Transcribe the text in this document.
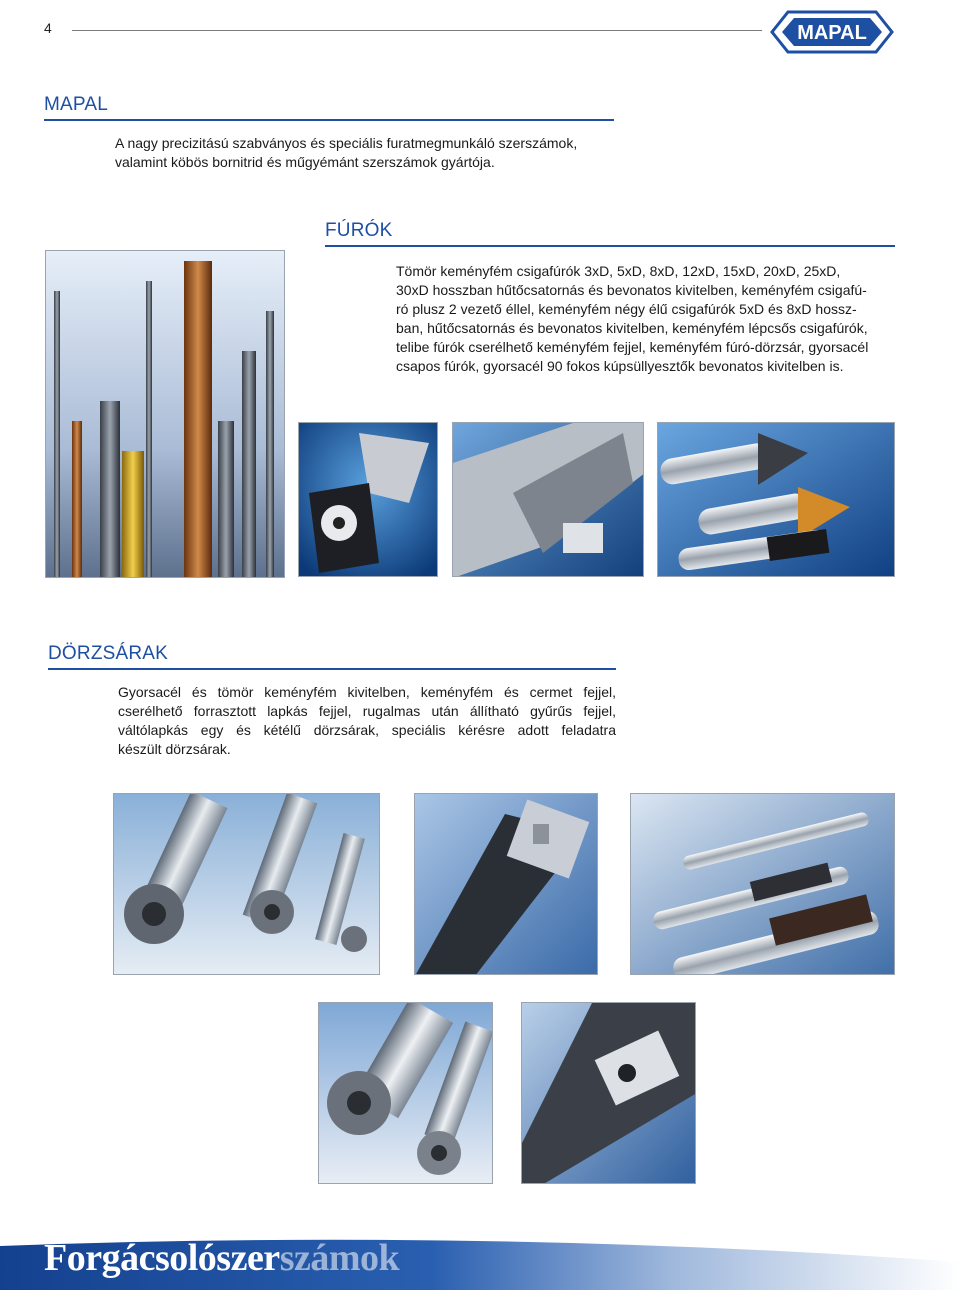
4	MAPAL
MAPAL
A nagy precizitású szabványos és speciális furatmegmunkáló szerszámok,
valamint köbös bornitrid és műgyémánt szerszámok gyártója.
FÚRÓK
Tömör keményfém csigafúrók 3xD, 5xD, 8xD, 12xD, 15xD, 20xD, 25xD,
30xD hosszban hűtőcsatornás és bevonatos kivitelben, keményfém csigafú-
ró plusz 2 vezető éllel, keményfém négy élű csigafúrók 5xD és 8xD hossz-
ban, hűtőcsatornás és bevonatos kivitelben, keményfém lépcsős csigafúrók,
telibe fúrók cserélhető keményfém fejjel, keményfém fúró-dörzsár, gyorsacél
csapos fúrók, gyorsacél 90 fokos kúpsüllyesztők bevonatos kivitelben is.
DÖRZSÁRAK
Gyorsacél és tömör keményfém kivitelben, keményfém és cermet fejjel,
cserélhető forrasztott lapkás fejjel, rugalmas után állítható gyűrűs fejjel,
váltólapkás egy és kétélű dörzsárak, speciális kérésre adott feladatra
készült dörzsárak.
Forgácsolószerszámok
